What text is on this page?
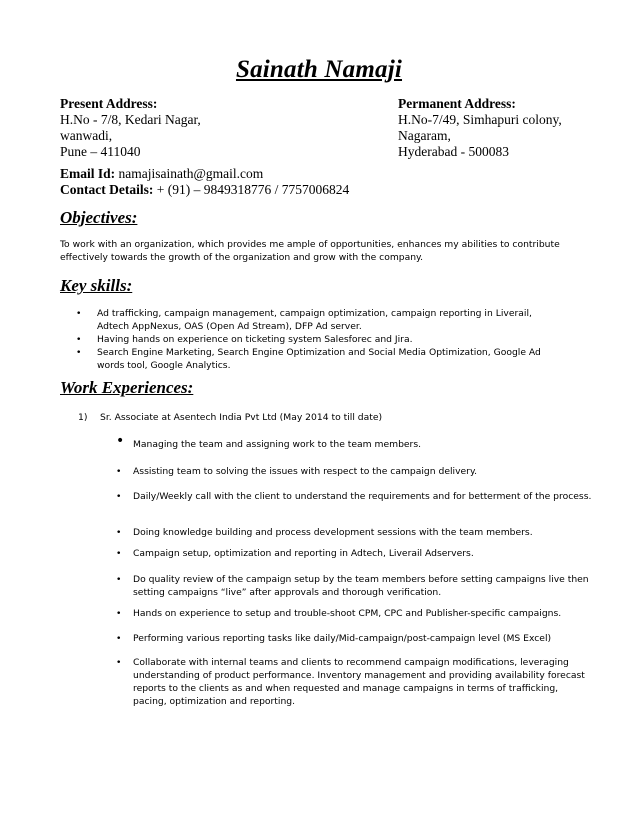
Sainath Namaji
Present Address:
H.No - 7/8, Kedari Nagar,
wanwadi,
Pune – 411040
Permanent Address:
H.No-7/49, Simhapuri colony,
Nagaram,
Hyderabad - 500083
Email Id: namajisainath@gmail.com
Contact Details: + (91) – 9849318776 / 7757006824
Objectives:
To work with an organization, which provides me ample of opportunities, enhances my abilities to contribute effectively towards the growth of the organization and grow with the company.
Key skills:
• Ad trafficking, campaign management, campaign optimization, campaign reporting in Liverail, Adtech AppNexus, OAS (Open Ad Stream), DFP Ad server.
• Having hands on experience on ticketing system Salesforec and Jira.
• Search Engine Marketing, Search Engine Optimization and Social Media Optimization, Google Ad words tool, Google Analytics.
Work Experiences:
1) Sr. Associate at Asentech India Pvt Ltd (May 2014 to till date)
• Managing the team and assigning work to the team members.
• Assisting team to solving the issues with respect to the campaign delivery.
• Daily/Weekly call with the client to understand the requirements and for betterment of the process.
• Doing knowledge building and process development sessions with the team members.
• Campaign setup, optimization and reporting in Adtech, Liverail Adservers.
• Do quality review of the campaign setup by the team members before setting campaigns live then setting campaigns “live” after approvals and thorough verification.
• Hands on experience to setup and trouble-shoot CPM, CPC and Publisher-specific campaigns.
• Performing various reporting tasks like daily/Mid-campaign/post-campaign level (MS Excel)
• Collaborate with internal teams and clients to recommend campaign modifications, leveraging understanding of product performance. Inventory management and providing availability forecast reports to the clients as and when requested and manage campaigns in terms of trafficking, pacing, optimization and reporting.
